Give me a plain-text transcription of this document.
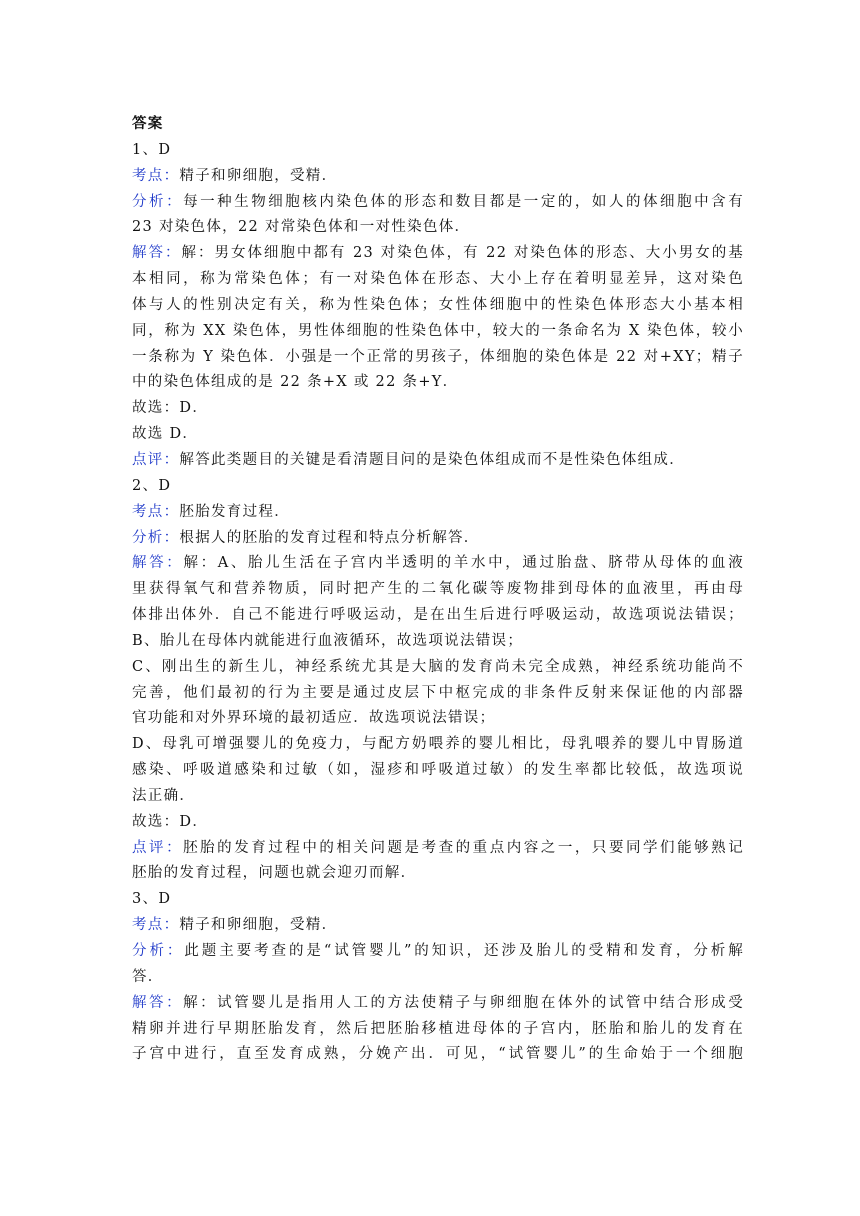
答案
1、D
考点：精子和卵细胞，受精．
分析：每一种生物细胞核内染色体的形态和数目都是一定的，如人的体细胞中含有
23 对染色体，22 对常染色体和一对性染色体．
解答：解：男女体细胞中都有 23 对染色体，有 22 对染色体的形态、大小男女的基
本相同，称为常染色体；有一对染色体在形态、大小上存在着明显差异，这对染色
体与人的性别决定有关，称为性染色体；女性体细胞中的性染色体形态大小基本相
同，称为 XX 染色体，男性体细胞的性染色体中，较大的一条命名为 X 染色体，较小
一条称为 Y 染色体．小强是一个正常的男孩子，体细胞的染色体是 22 对+XY；精子
中的染色体组成的是 22 条+X 或 22 条+Y．
故选：D．
故选 D．
点评：解答此类题目的关键是看清题目问的是染色体组成而不是性染色体组成．
2、D
考点：胚胎发育过程．
分析：根据人的胚胎的发育过程和特点分析解答．
解答：解：A、胎儿生活在子宫内半透明的羊水中，通过胎盘、脐带从母体的血液
里获得氧气和营养物质，同时把产生的二氧化碳等废物排到母体的血液里，再由母
体排出体外．自己不能进行呼吸运动，是在出生后进行呼吸运动，故选项说法错误；
B、胎儿在母体内就能进行血液循环，故选项说法错误；
C、刚出生的新生儿，神经系统尤其是大脑的发育尚未完全成熟，神经系统功能尚不
完善，他们最初的行为主要是通过皮层下中枢完成的非条件反射来保证他的内部器
官功能和对外界环境的最初适应．故选项说法错误；
D、母乳可增强婴儿的免疫力，与配方奶喂养的婴儿相比，母乳喂养的婴儿中胃肠道
感染、呼吸道感染和过敏（如，湿疹和呼吸道过敏）的发生率都比较低，故选项说
法正确．
故选：D．
点评：胚胎的发育过程中的相关问题是考查的重点内容之一，只要同学们能够熟记
胚胎的发育过程，问题也就会迎刃而解．
3、D
考点：精子和卵细胞，受精．
分析：此题主要考查的是“试管婴儿”的知识，还涉及胎儿的受精和发育，分析解
答．
解答：解：试管婴儿是指用人工的方法使精子与卵细胞在体外的试管中结合形成受
精卵并进行早期胚胎发育，然后把胚胎移植进母体的子宫内，胚胎和胎儿的发育在
子宫中进行，直至发育成熟，分娩产出．可见，“试管婴儿”的生命始于一个细胞
